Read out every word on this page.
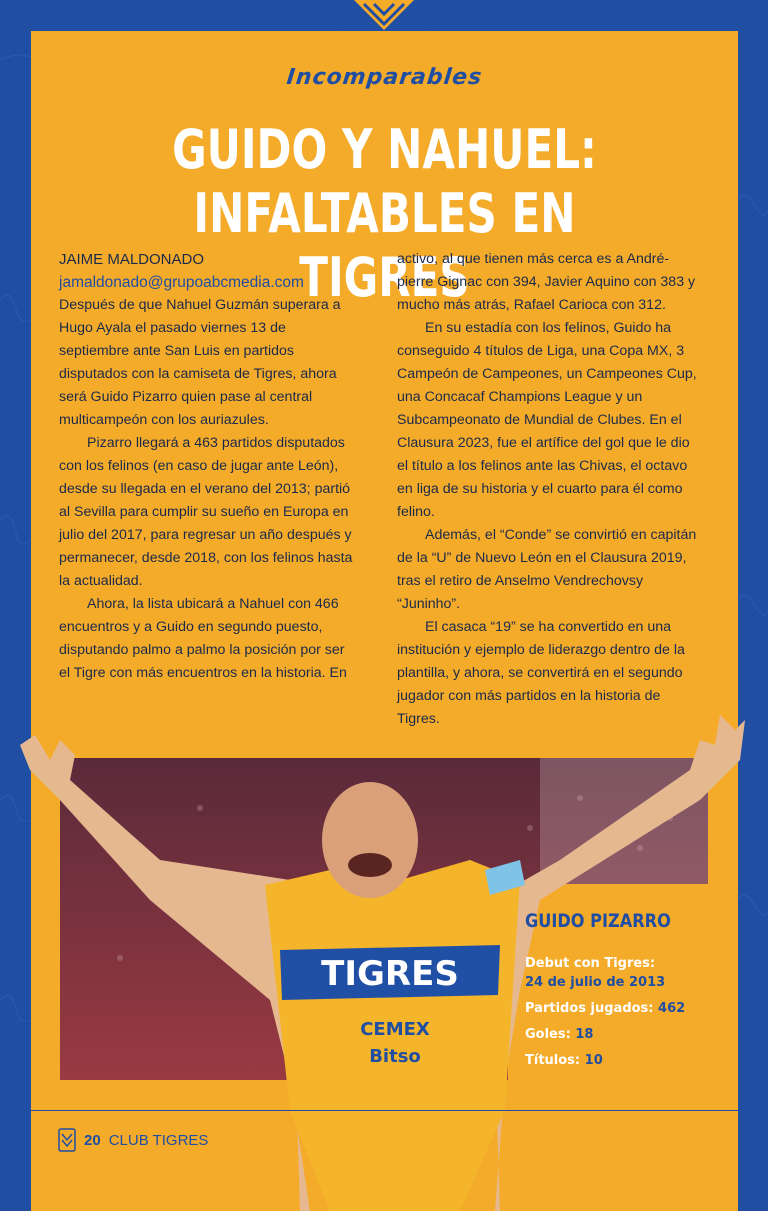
Incomparables
GUIDO Y NAHUEL:
INFALTABLES EN TIGRES

JAIME MALDONADO

jamaldonado@grupoabcmedia.com

Después de que Nahuel Guzmán superara a Hugo Ayala el pasado viernes 13 de septiembre ante San Luis en partidos disputados con la camiseta de Tigres, ahora será Guido Pizarro quien pase al central multicampeón con los auriazules.

Pizarro llegará a 463 partidos disputados con los felinos (en caso de jugar ante León), desde su llegada en el verano del 2013; partió al Sevilla para cumplir su sueño en Europa en julio del 2017, para regresar un año después y permanecer, desde 2018, con los felinos hasta la actualidad.

Ahora, la lista ubicará a Nahuel con 466 encuentros y a Guido en segundo puesto, disputando palmo a palmo la posición por ser el Tigre con más encuentros en la historia. En

activo, al que tienen más cerca es a André-pierre Gignac con 394, Javier Aquino con 383 y mucho más atrás, Rafael Carioca con 312.

En su estadía con los felinos, Guido ha conseguido 4 títulos de Liga, una Copa MX, 3 Campeón de Campeones, un Campeones Cup, una Concacaf Champions League y un Subcampeonato de Mundial de Clubes. En el Clausura 2023, fue el artífice del gol que le dio el título a los felinos ante las Chivas, el octavo en liga de su historia y el cuarto para él como felino.

Además, el “Conde” se convirtió en capitán de la “U” de Nuevo León en el Clausura 2019, tras el retiro de Anselmo Vendrechovsy “Juninho”.

El casaca “19” se ha convertido en una institución y ejemplo de liderazgo dentro de la plantilla, y ahora, se convertirá en el segundo jugador con más partidos en la historia de Tigres.

TIGRES
CEMEX
Bitso
GUIDO PIZARRO
Debut con Tigres:
24 de julio de 2013
Partidos jugados: 462
Goles: 18
Títulos: 10
20 CLUB TIGRES
